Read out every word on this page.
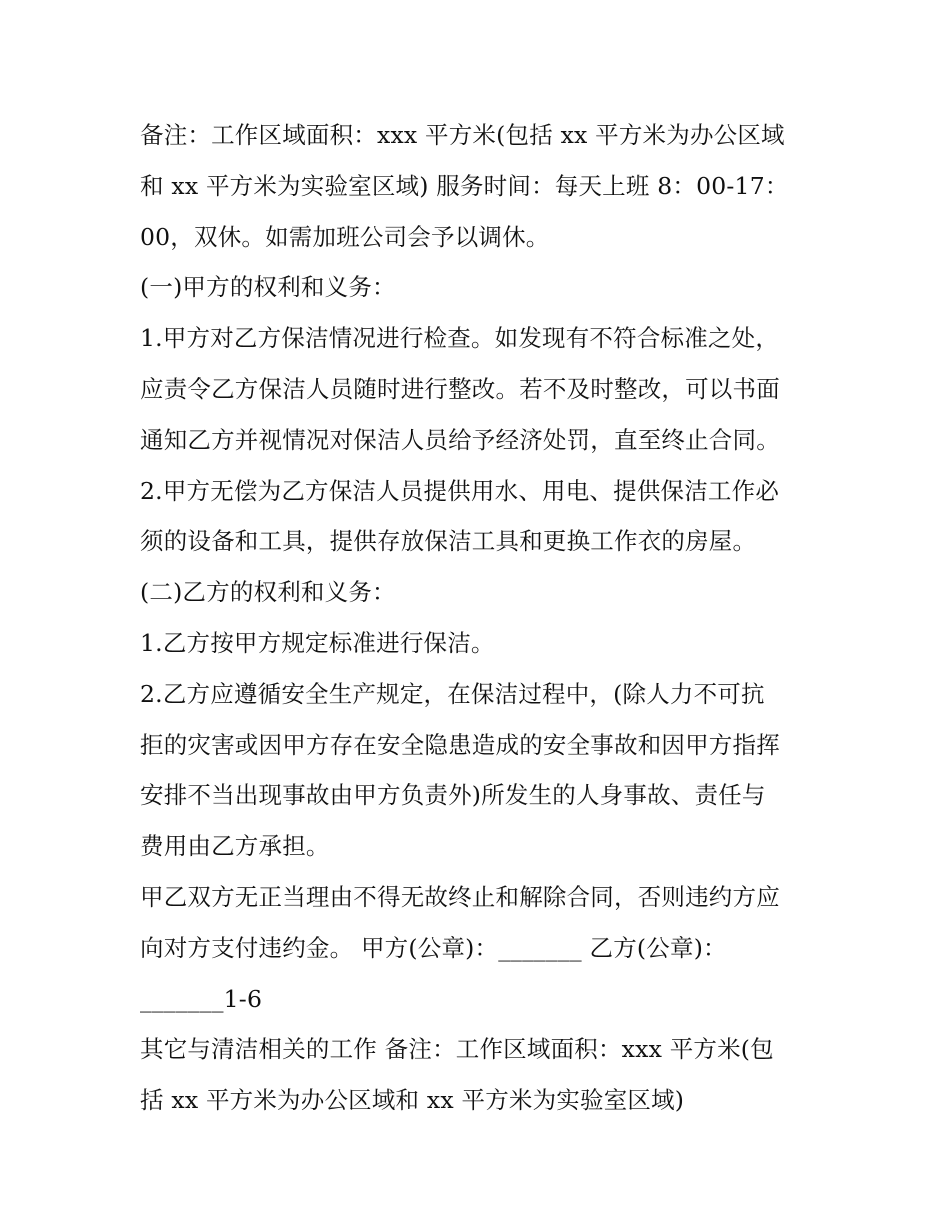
备注：工作区域面积：xxx 平方米(包括 xx 平方米为办公区域
和 xx 平方米为实验室区域) 服务时间：每天上班 8：00-17：
00，双休。如需加班公司会予以调休。
(一)甲方的权利和义务：
1.甲方对乙方保洁情况进行检查。如发现有不符合标准之处，
应责令乙方保洁人员随时进行整改。若不及时整改，可以书面
通知乙方并视情况对保洁人员给予经济处罚，直至终止合同。
2.甲方无偿为乙方保洁人员提供用水、用电、提供保洁工作必
须的设备和工具，提供存放保洁工具和更换工作衣的房屋。
(二)乙方的权利和义务：
1.乙方按甲方规定标准进行保洁。
2.乙方应遵循安全生产规定，在保洁过程中，(除人力不可抗
拒的灾害或因甲方存在安全隐患造成的安全事故和因甲方指挥
安排不当出现事故由甲方负责外)所发生的人身事故、责任与
费用由乙方承担。
甲乙双方无正当理由不得无故终止和解除合同，否则违约方应
向对方支付违约金。 甲方(公章)：_______ 乙方(公章)：
_______1-6
其它与清洁相关的工作 备注：工作区域面积：xxx 平方米(包
括 xx 平方米为办公区域和 xx 平方米为实验室区域)
